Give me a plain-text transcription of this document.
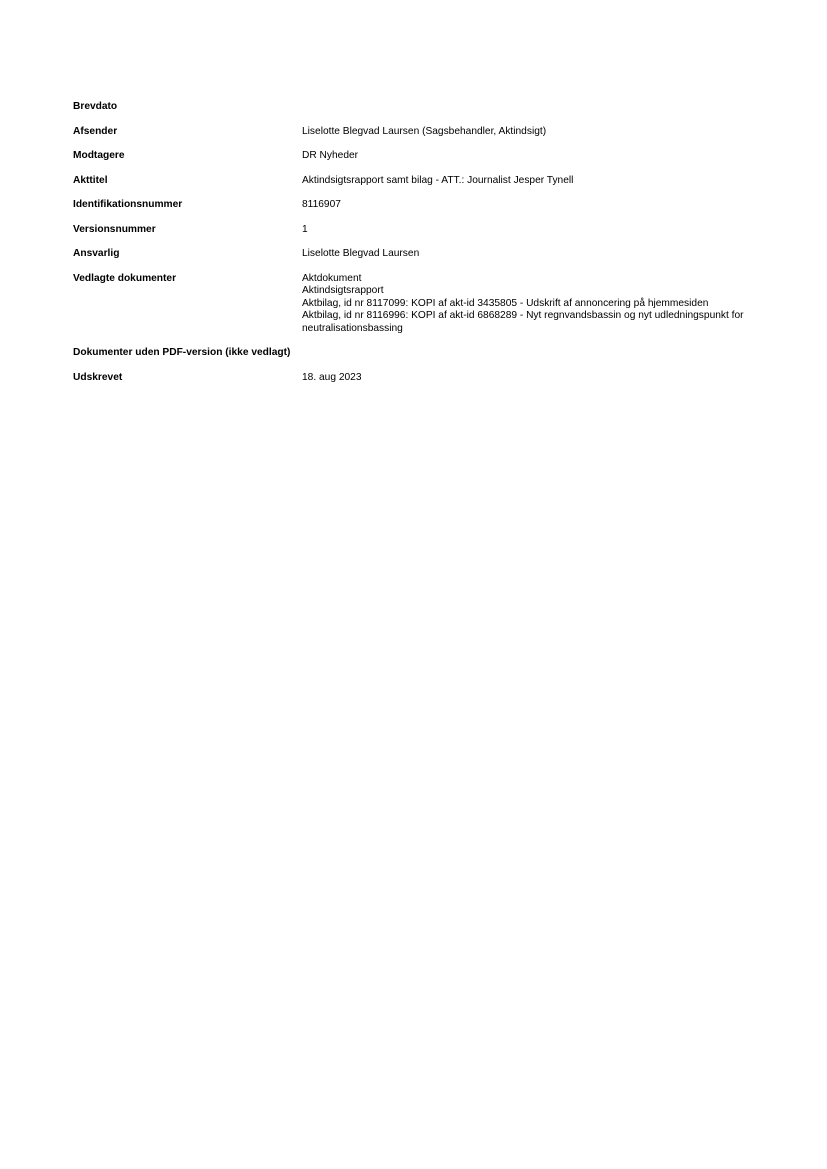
Brevdato
Afsender	Liselotte Blegvad Laursen (Sagsbehandler, Aktindsigt)
Modtagere	DR Nyheder
Akttitel	Aktindsigtsrapport samt bilag - ATT.: Journalist Jesper Tynell
Identifikationsnummer	8116907
Versionsnummer	1
Ansvarlig	Liselotte Blegvad Laursen
Vedlagte dokumenter	Aktdokument
Aktindsigtsrapport
Aktbilag, id nr 8117099: KOPI af akt-id 3435805 - Udskrift af annoncering på hjemmesiden
Aktbilag, id nr 8116996: KOPI af akt-id 6868289 - Nyt regnvandsbassin og nyt udledningspunkt for neutralisationsbassing
Dokumenter uden PDF-version (ikke vedlagt)
Udskrevet	18. aug 2023
